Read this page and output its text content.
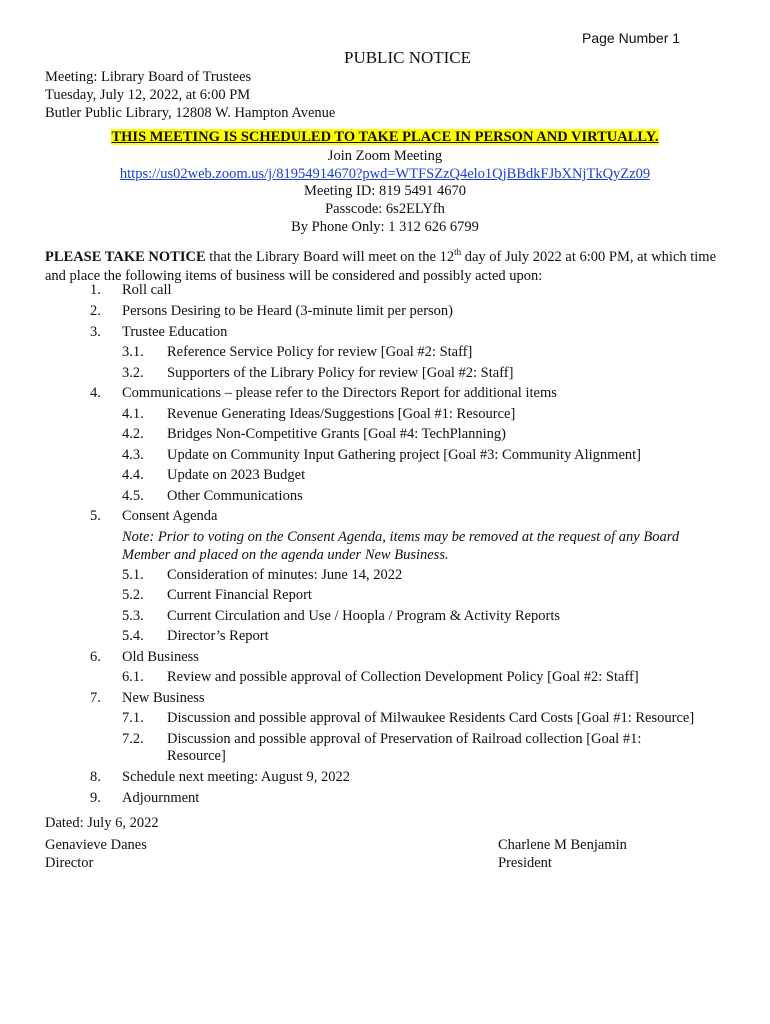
Page Number 1
PUBLIC NOTICE
Meeting: Library Board of Trustees
Tuesday, July 12, 2022, at 6:00 PM
Butler Public Library, 12808 W. Hampton Avenue
THIS MEETING IS SCHEDULED TO TAKE PLACE IN PERSON AND VIRTUALLY.
Join Zoom Meeting
https://us02web.zoom.us/j/81954914670?pwd=WTFSZzQ4elo1QjBBdkFJbXNjTkQyZz09
Meeting ID: 819 5491 4670
Passcode: 6s2ELYfh
By Phone Only: 1 312 626 6799
PLEASE TAKE NOTICE that the Library Board will meet on the 12th day of July 2022 at 6:00 PM, at which time and place the following items of business will be considered and possibly acted upon:
1. Roll call
2. Persons Desiring to be Heard (3-minute limit per person)
3. Trustee Education
3.1. Reference Service Policy for review [Goal #2: Staff]
3.2. Supporters of the Library Policy for review [Goal #2: Staff]
4. Communications – please refer to the Directors Report for additional items
4.1. Revenue Generating Ideas/Suggestions [Goal #1: Resource]
4.2. Bridges Non-Competitive Grants [Goal #4: TechPlanning)
4.3. Update on Community Input Gathering project [Goal #3: Community Alignment]
4.4. Update on 2023 Budget
4.5. Other Communications
5. Consent Agenda
Note: Prior to voting on the Consent Agenda, items may be removed at the request of any Board
Member and placed on the agenda under New Business.
5.1. Consideration of minutes: June 14, 2022
5.2. Current Financial Report
5.3. Current Circulation and Use / Hoopla / Program & Activity Reports
5.4. Director’s Report
6. Old Business
6.1. Review and possible approval of Collection Development Policy [Goal #2: Staff]
7. New Business
7.1. Discussion and possible approval of Milwaukee Residents Card Costs [Goal #1: Resource]
7.2. Discussion and possible approval of Preservation of Railroad collection [Goal #1:
Resource]
8. Schedule next meeting: August 9, 2022
9. Adjournment
Dated: July 6, 2022
Genavieve Danes
Director
Charlene M Benjamin
President
